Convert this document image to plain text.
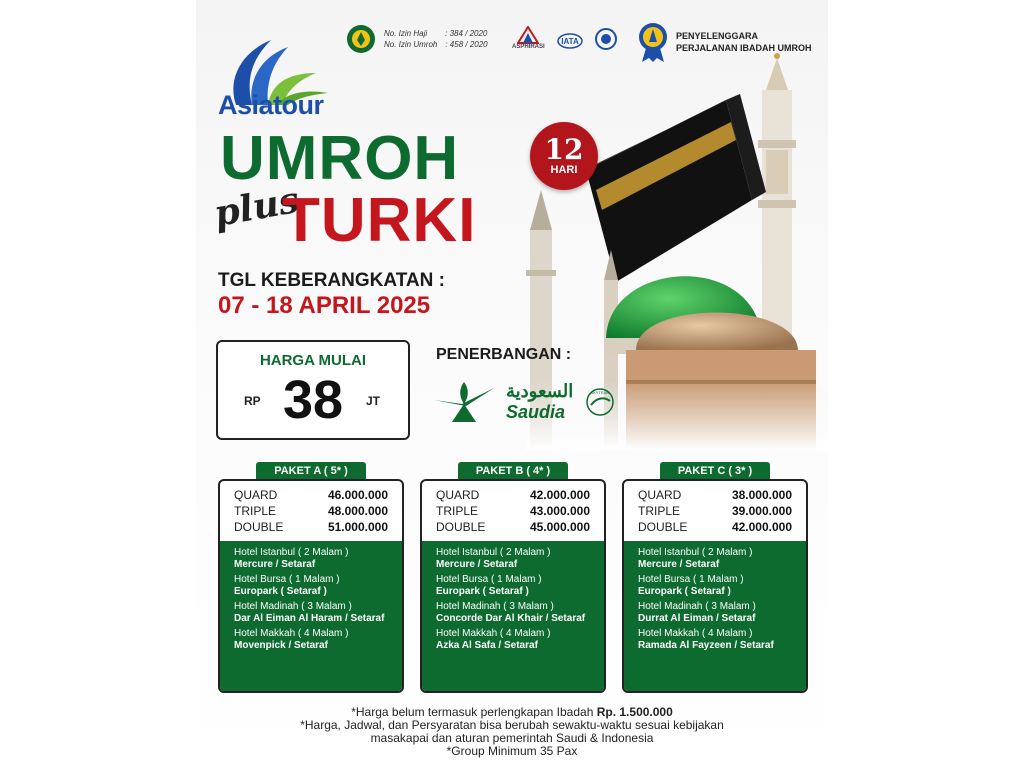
Asiatour
No. Izin Haji : 384 / 2020
No. Izin Umroh : 458 / 2020	ASPHIRASI
IATA
PENYELENGGARA PERJALANAN IBADAH UMROH
UMROH
plus
TURKI
12
HARI
TGL KEBERANGKATAN :
07 - 18 APRIL 2025
HARGA MULAI
RP 38	JT
PENERBANGAN :
السعودية
Saudia
SKYTEAM
PAKET A ( 5* )
QUARD	46.000.000
TRIPLE	48.000.000
DOUBLE	51.000.000
Hotel Istanbul ( 2 Malam )
Mercure / Setaraf
Hotel Bursa ( 1 Malam )
Europark ( Setaraf )
Hotel Madinah ( 3 Malam )
Dar Al Eiman Al Haram / Setaraf
Hotel Makkah ( 4 Malam )
Movenpick / Setaraf
PAKET B ( 4* )
QUARD	42.000.000
TRIPLE	43.000.000
DOUBLE	45.000.000
Hotel Istanbul ( 2 Malam )
Mercure / Setaraf
Hotel Bursa ( 1 Malam )
Europark ( Setaraf )
Hotel Madinah ( 3 Malam )
Concorde Dar Al Khair / Setaraf
Hotel Makkah ( 4 Malam )
Azka Al Safa / Setaraf
PAKET C ( 3* )
QUARD	38.000.000
TRIPLE	39.000.000
DOUBLE	42.000.000
Hotel Istanbul ( 2 Malam )
Mercure / Setaraf
Hotel Bursa ( 1 Malam )
Europark ( Setaraf )
Hotel Madinah ( 3 Malam )
Durrat Al Eiman / Setaraf
Hotel Makkah ( 4 Malam )
Ramada Al Fayzeen / Setaraf
*Harga belum termasuk perlengkapan Ibadah Rp. 1.500.000
*Harga, Jadwal, dan Persyaratan bisa berubah sewaktu-waktu sesuai kebijakan
masakapai dan aturan pemerintah Saudi & Indonesia
*Group Minimum 35 Pax
